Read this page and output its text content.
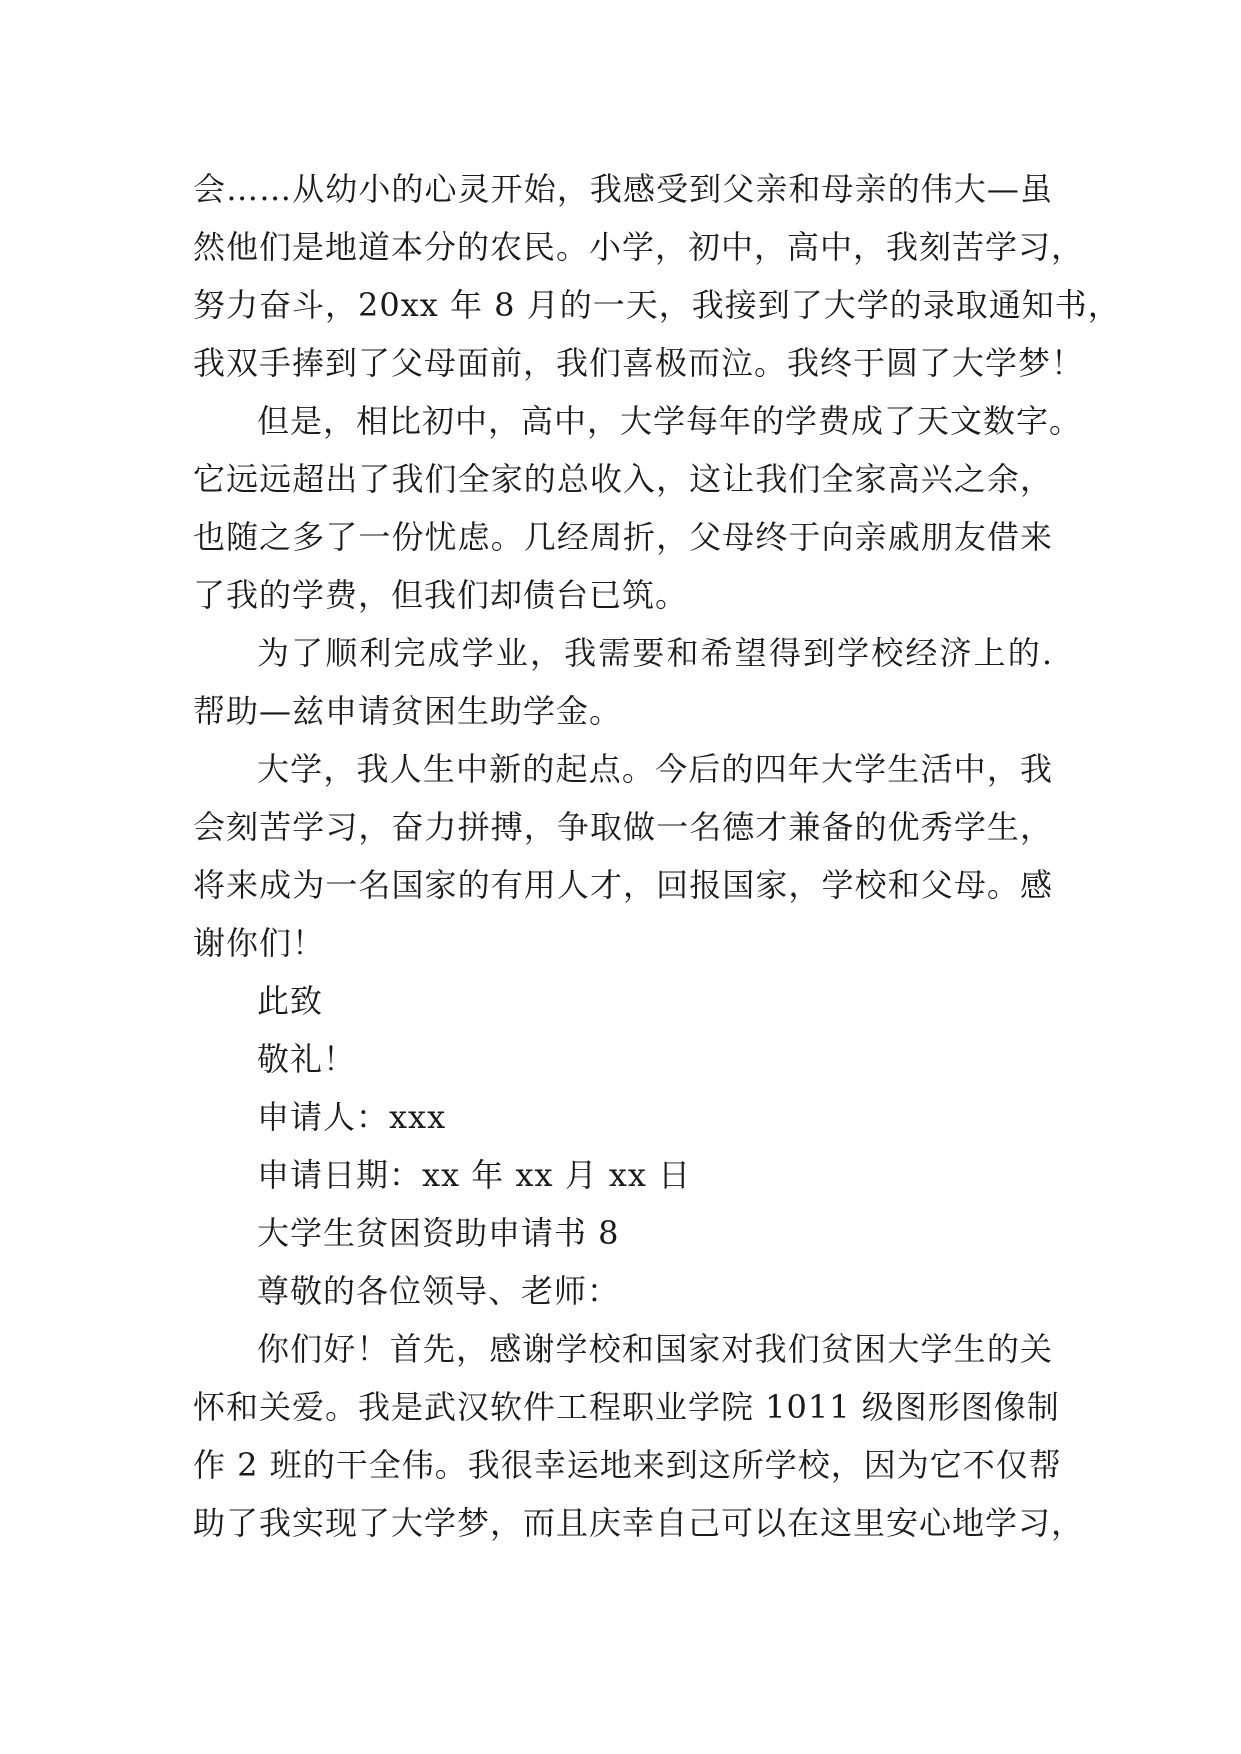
会……从幼小的心灵开始，我感受到父亲和母亲的伟大—虽
然他们是地道本分的农民。小学，初中，高中，我刻苦学习，
努力奋斗，20xx 年 8 月的一天，我接到了大学的录取通知书，
我双手捧到了父母面前，我们喜极而泣。我终于圆了大学梦！
但是，相比初中，高中，大学每年的学费成了天文数字。
它远远超出了我们全家的总收入，这让我们全家高兴之余，
也随之多了一份忧虑。几经周折，父母终于向亲戚朋友借来
了我的学费，但我们却债台已筑。
为了顺利完成学业，我需要和希望得到学校经济上的.
帮助—兹申请贫困生助学金。
大学，我人生中新的起点。今后的四年大学生活中，我
会刻苦学习，奋力拼搏，争取做一名德才兼备的优秀学生，
将来成为一名国家的有用人才，回报国家，学校和父母。感
谢你们！
此致
敬礼！
申请人：xxx
申请日期：xx 年 xx 月 xx 日
大学生贫困资助申请书 8
尊敬的各位领导、老师：
你们好！首先，感谢学校和国家对我们贫困大学生的关
怀和关爱。我是武汉软件工程职业学院 1011 级图形图像制
作 2 班的干全伟。我很幸运地来到这所学校，因为它不仅帮
助了我实现了大学梦，而且庆幸自己可以在这里安心地学习，
